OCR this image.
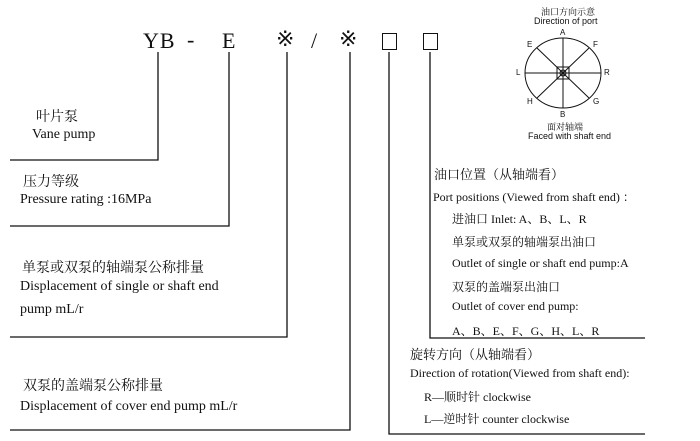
YB - E ※ / ※
油口方向示意
Direction of port
A
E	F
L	R
H	G
B
面对轴端
Faced with shaft end
叶片泵
Vane pump
压力等级
Pressure rating :16MPa
单泵或双泵的轴端泵公称排量
Displacement of single or shaft end
pump mL/r
双泵的盖端泵公称排量
Displacement of cover end pump mL/r
油口位置（从轴端看）
Port positions (Viewed from shaft end) ：
进油口 Inlet: A、B、L、R
单泵或双泵的轴端泵出油口
Outlet of single or shaft end pump:A
双泵的盖端泵出油口
Outlet of cover end pump:
A、B、E、F、G、H、L、R
旋转方向（从轴端看）
Direction of rotation(Viewed from shaft end):
R—顺时针 clockwise
L—逆时针 counter clockwise
